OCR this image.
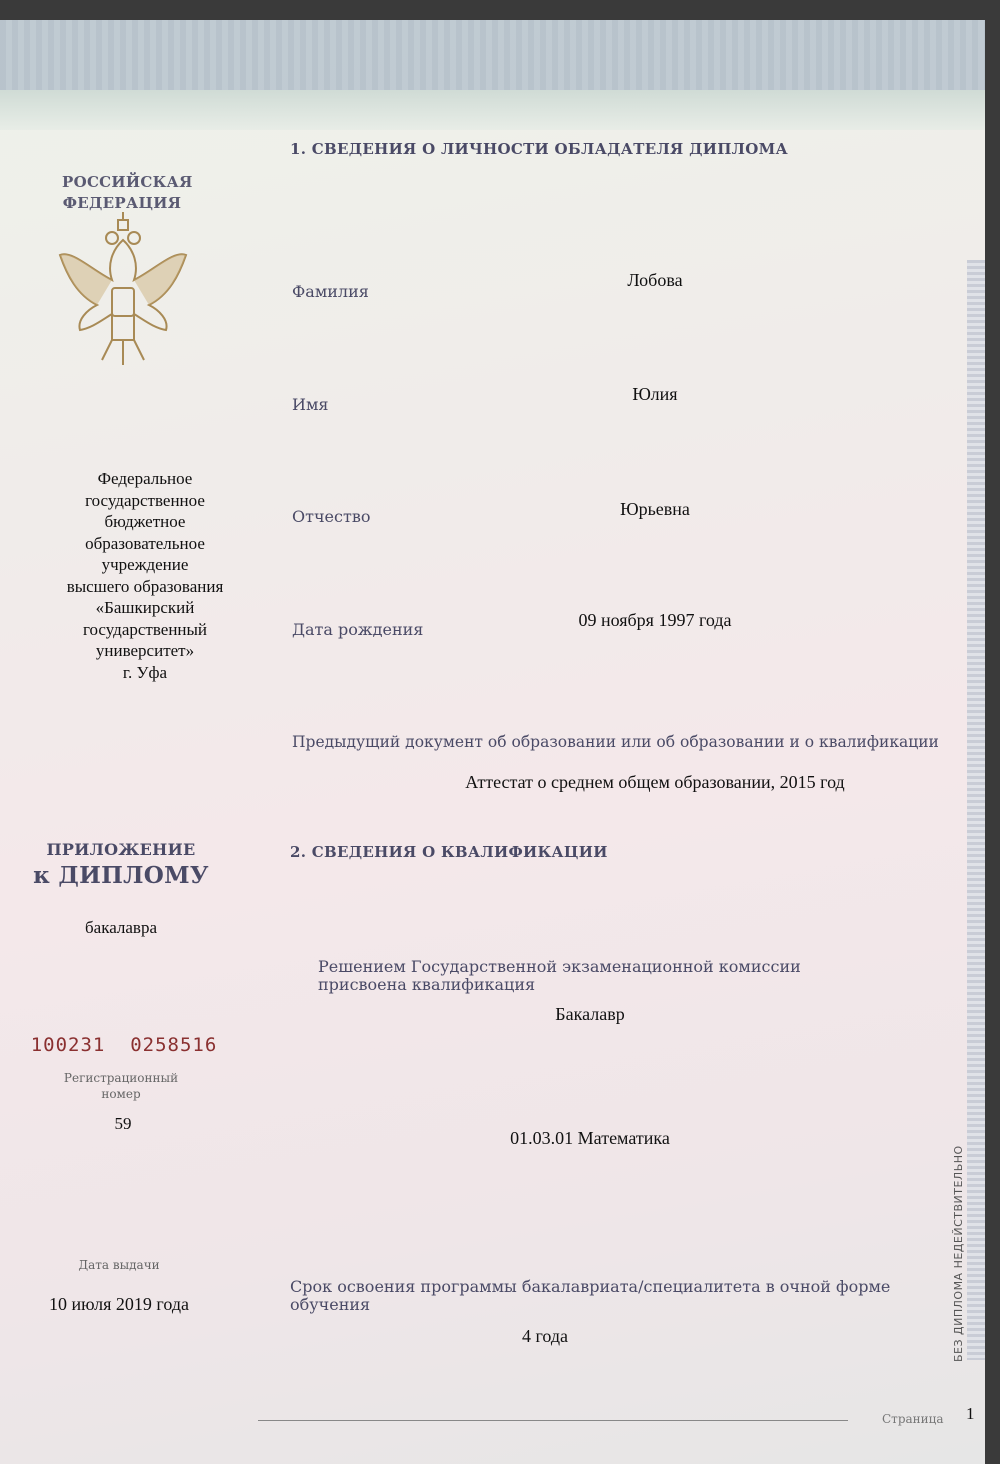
РОССИЙСКАЯ ФЕДЕРАЦИЯ
Федеральное
государственное
бюджетное
образовательное
учреждение
высшего образования
«Башкирский
государственный
университет»
г. Уфа
ПРИЛОЖЕНИЕ
к ДИПЛОМУ
бакалавра
100231  0258516
Регистрационный номер
59
Дата выдачи
10 июля 2019 года
1. СВЕДЕНИЯ О ЛИЧНОСТИ ОБЛАДАТЕЛЯ ДИПЛОМА
Фамилия
Лобова
Имя
Юлия
Отчество	Юрьевна
Дата рождения	09 ноября 1997 года
Предыдущий документ об образовании или об образовании и о квалификации
Аттестат о среднем общем образовании, 2015 год
2. СВЕДЕНИЯ О КВАЛИФИКАЦИИ
Решением Государственной экзаменационной комиссии присвоена квалификация
Бакалавр
01.03.01 Математика
Срок освоения программы бакалавриата/специалитета в очной форме обучения
4 года	БЕЗ ДИПЛОМА НЕДЕЙСТВИТЕЛЬНО
Страница 1
